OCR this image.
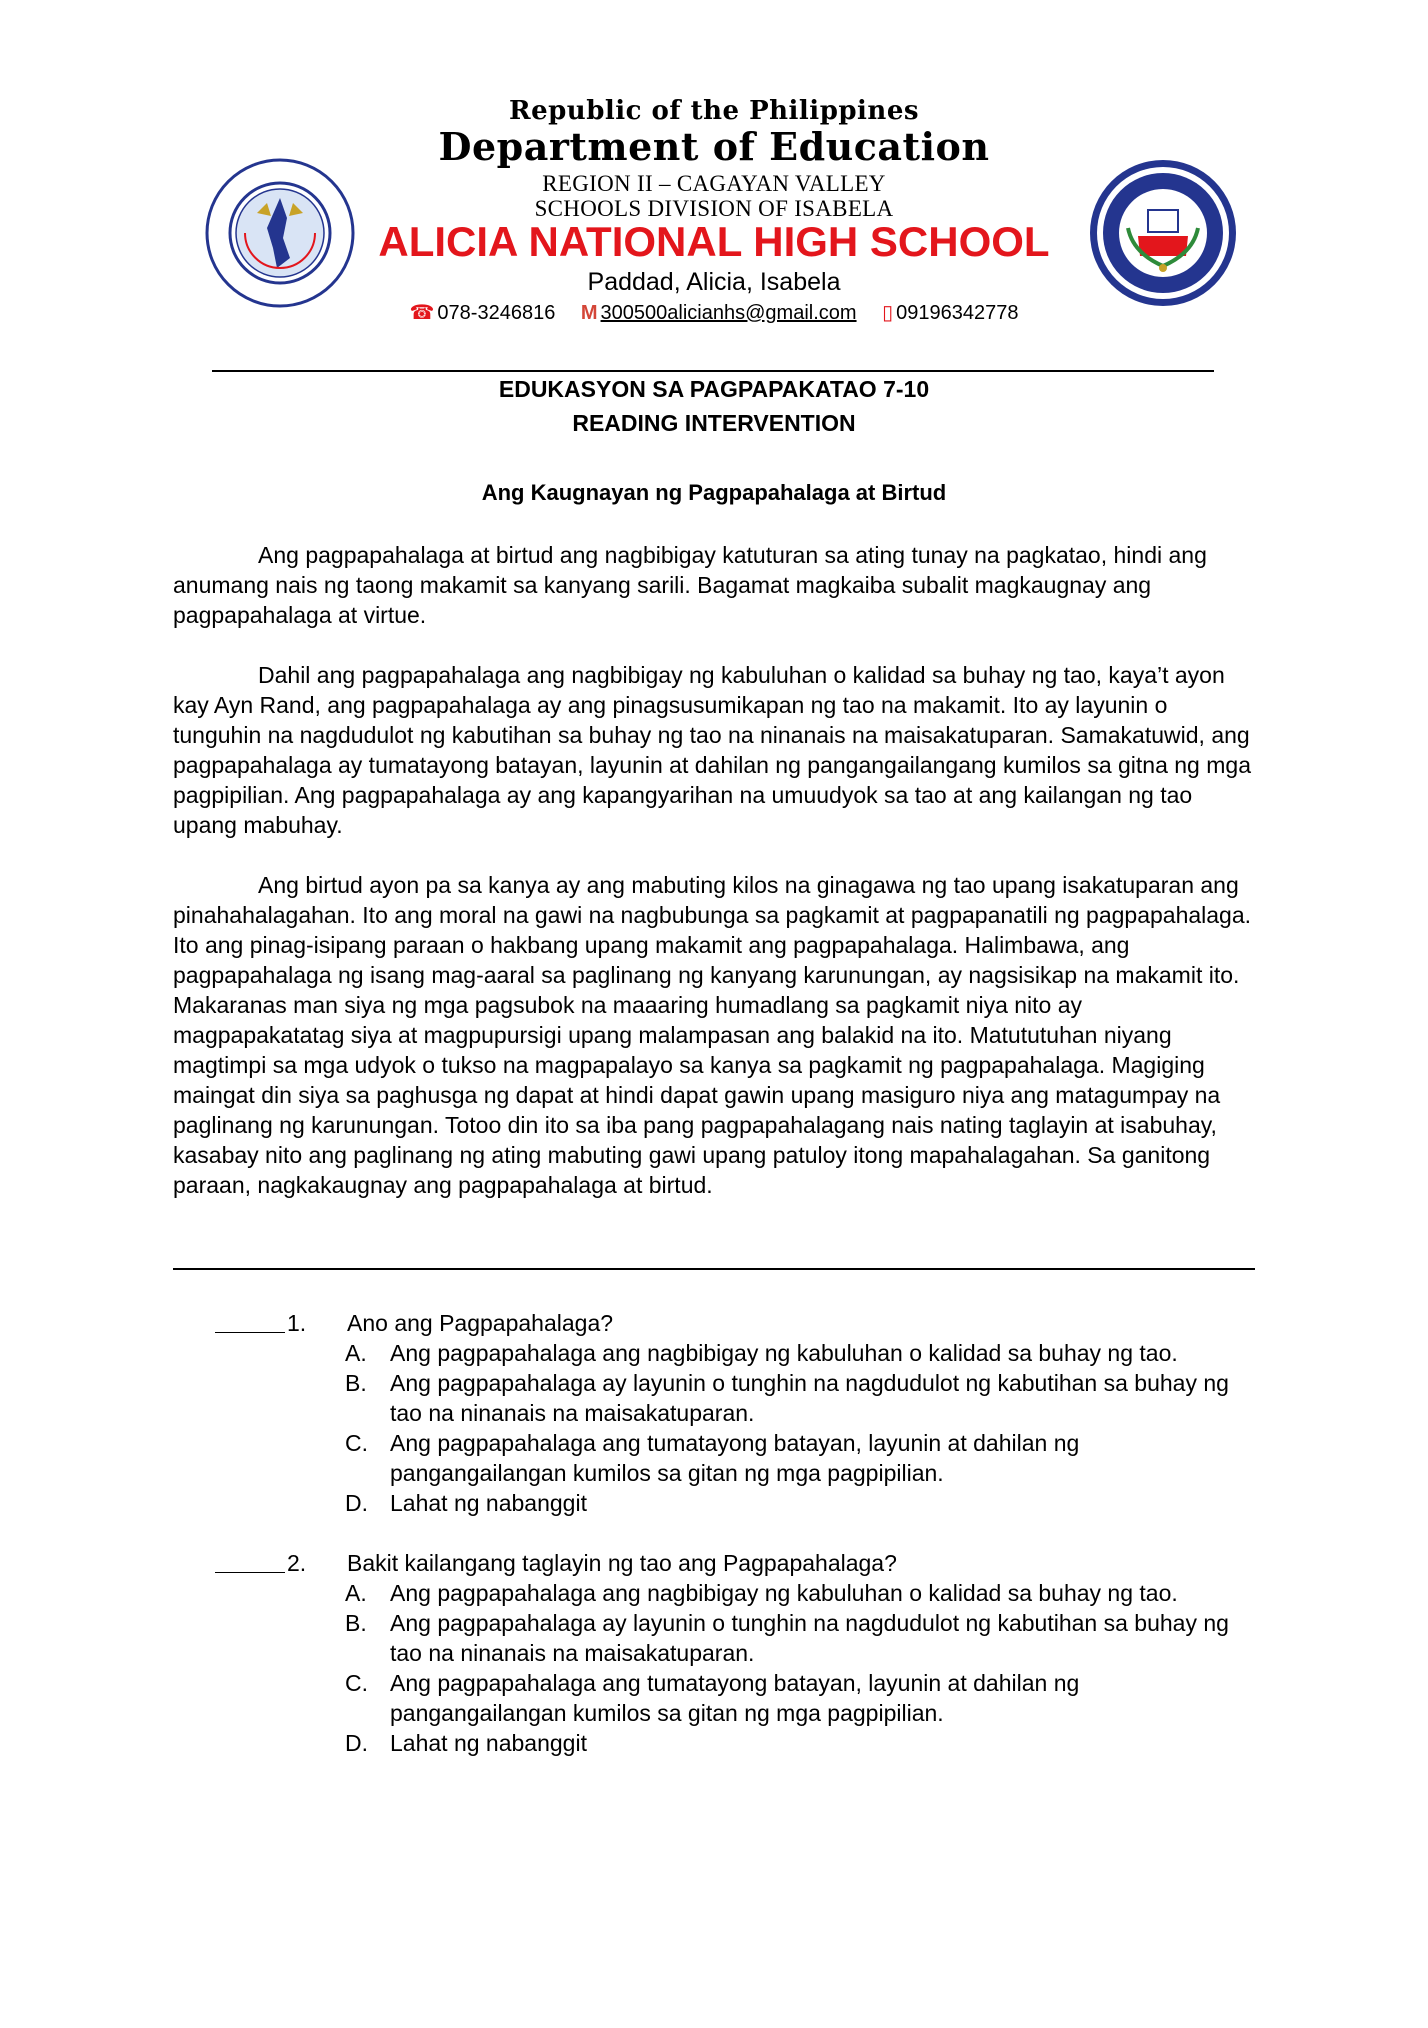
Republic of the Philippines
Department of Education
REGION II – CAGAYAN VALLEY
SCHOOLS DIVISION OF ISABELA
ALICIA NATIONAL HIGH SCHOOL
Paddad, Alicia, Isabela
☎ 078-3246816 M 300500alicianhs@gmail.com ▯ 09196342778
EDUKASYON SA PAGPAPAKATAO 7-10
READING INTERVENTION
Ang Kaugnayan ng Pagpapahalaga at Birtud

Ang pagpapahalaga at birtud ang nagbibigay katuturan sa ating tunay na pagkatao, hindi ang anumang nais ng taong makamit sa kanyang sarili. Bagamat magkaiba subalit magkaugnay ang pagpapahalaga at virtue.

Dahil ang pagpapahalaga ang nagbibigay ng kabuluhan o kalidad sa buhay ng tao, kaya’t ayon kay Ayn Rand, ang pagpapahalaga ay ang pinagsusumikapan ng tao na makamit. Ito ay layunin o tunguhin na nagdudulot ng kabutihan sa buhay ng tao na ninanais na maisakatuparan. Samakatuwid, ang pagpapahalaga ay tumatayong batayan, layunin at dahilan ng pangangailangang kumilos sa gitna ng mga pagpipilian. Ang pagpapahalaga ay ang kapangyarihan na umuudyok sa tao at ang kailangan ng tao upang mabuhay.

Ang birtud ayon pa sa kanya ay ang mabuting kilos na ginagawa ng tao upang isakatuparan ang pinahahalagahan. Ito ang moral na gawi na nagbubunga sa pagkamit at pagpapanatili ng pagpapahalaga. Ito ang pinag-isipang paraan o hakbang upang makamit ang pagpapahalaga. Halimbawa, ang pagpapahalaga ng isang mag-aaral sa paglinang ng kanyang karunungan, ay nagsisikap na makamit ito. Makaranas man siya ng mga pagsubok na maaaring humadlang sa pagkamit niya nito ay magpapakatatag siya at magpupursigi upang malampasan ang balakid na ito. Matututuhan niyang magtimpi sa mga udyok o tukso na magpapalayo sa kanya sa pagkamit ng pagpapahalaga. Magiging maingat din siya sa paghusga ng dapat at hindi dapat gawin upang masiguro niya ang matagumpay na paglinang ng karunungan. Totoo din ito sa iba pang pagpapahalagang nais nating taglayin at isabuhay, kasabay nito ang paglinang ng ating mabuting gawi upang patuloy itong mapahalagahan. Sa ganitong paraan, nagkakaugnay ang pagpapahalaga at birtud.

1.	Ano ang Pagpapahalaga?
A.	Ang pagpapahalaga ang nagbibigay ng kabuluhan o kalidad sa buhay ng tao.
B.	Ang pagpapahalaga ay layunin o tunghin na nagdudulot ng kabutihan sa buhay ng tao na ninanais na maisakatuparan.
C. Ang pagpapahalaga ang tumatayong batayan, layunin at dahilan ng pangangailangan kumilos sa gitan ng mga pagpipilian.
D. Lahat ng nabanggit
2.	Bakit kailangang taglayin ng tao ang Pagpapahalaga?
A.	Ang pagpapahalaga ang nagbibigay ng kabuluhan o kalidad sa buhay ng tao.
B.	Ang pagpapahalaga ay layunin o tunghin na nagdudulot ng kabutihan sa buhay ng tao na ninanais na maisakatuparan.
C. Ang pagpapahalaga ang tumatayong batayan, layunin at dahilan ng pangangailangan kumilos sa gitan ng mga pagpipilian.
D. Lahat ng nabanggit
